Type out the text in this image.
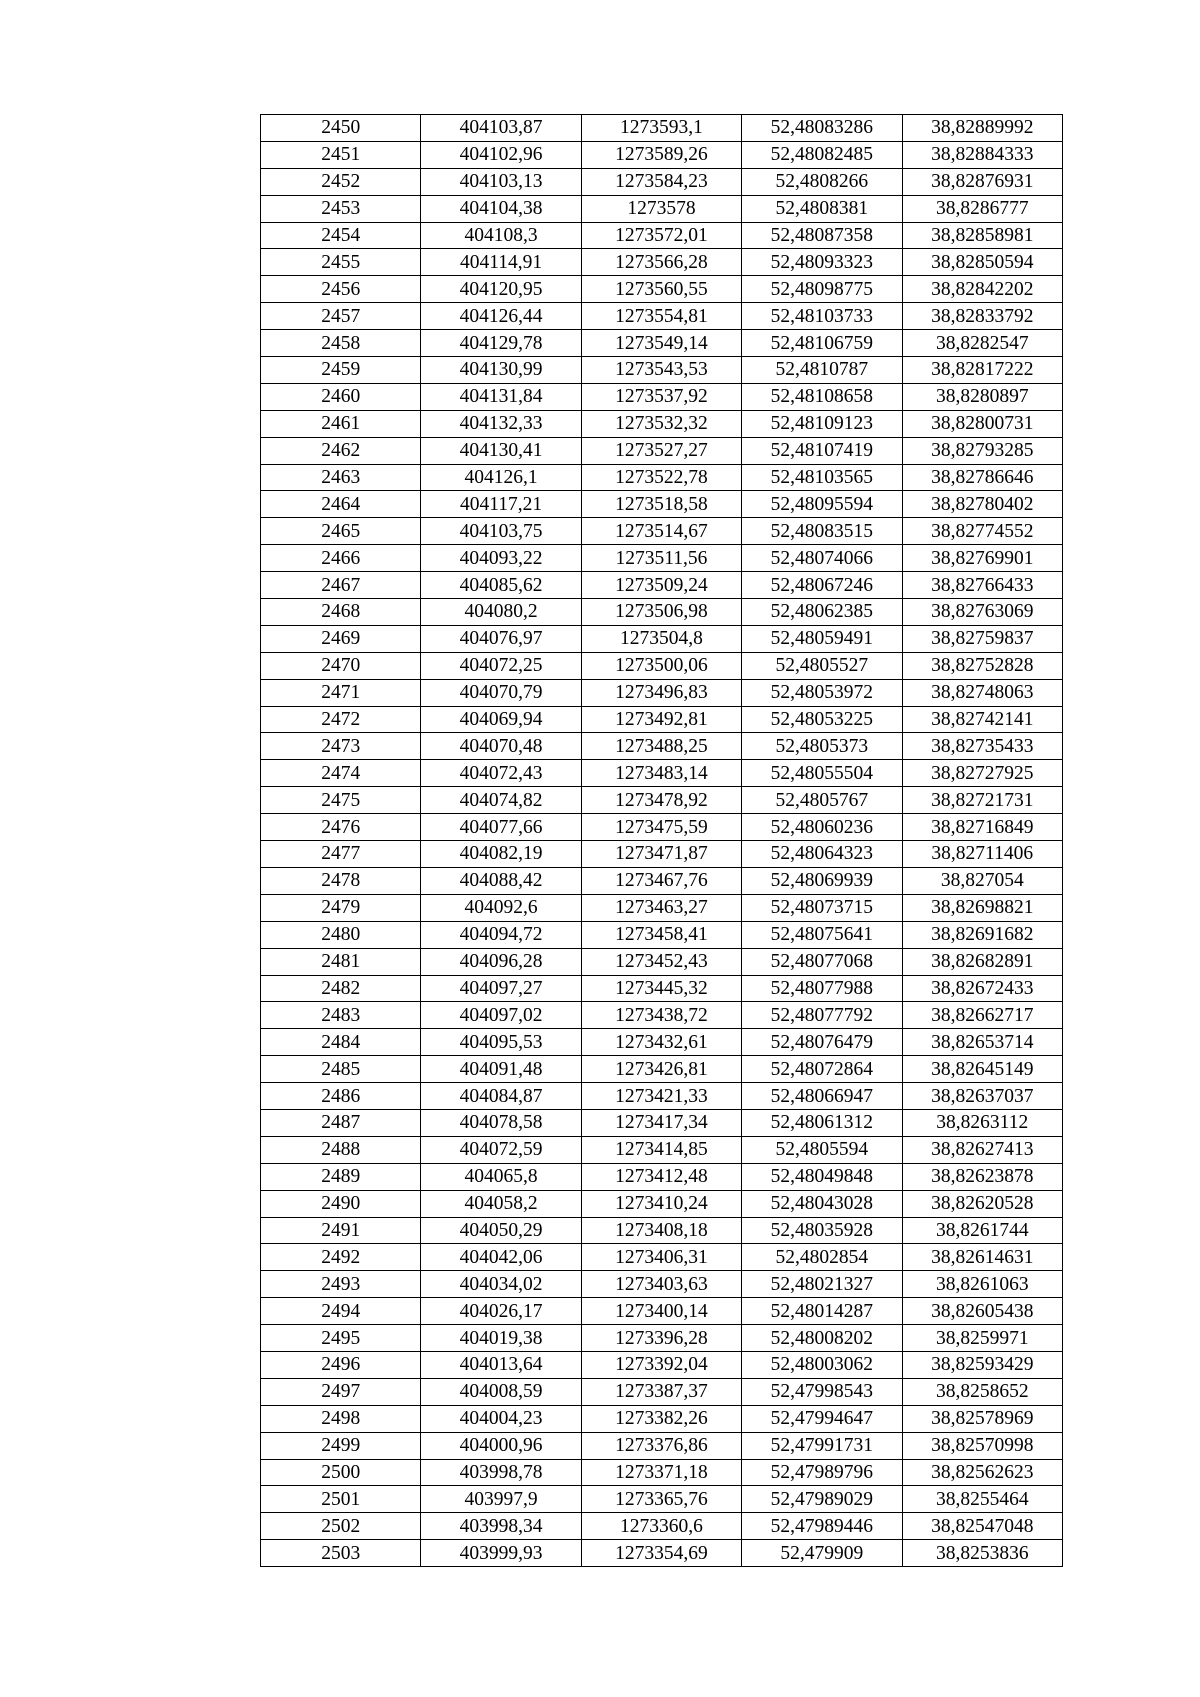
2450	404103,87	1273593,1	52,48083286	38,82889992
2451	404102,96	1273589,26	52,48082485	38,82884333
2452	404103,13	1273584,23	52,4808266	38,82876931
2453	404104,38	1273578	52,4808381	38,8286777
2454	404108,3	1273572,01	52,48087358	38,82858981
2455	404114,91	1273566,28	52,48093323	38,82850594
2456	404120,95	1273560,55	52,48098775	38,82842202
2457	404126,44	1273554,81	52,48103733	38,82833792
2458	404129,78	1273549,14	52,48106759	38,8282547
2459	404130,99	1273543,53	52,4810787	38,82817222
2460	404131,84	1273537,92	52,48108658	38,8280897
2461	404132,33	1273532,32	52,48109123	38,82800731
2462	404130,41	1273527,27	52,48107419	38,82793285
2463	404126,1	1273522,78	52,48103565	38,82786646
2464	404117,21	1273518,58	52,48095594	38,82780402
2465	404103,75	1273514,67	52,48083515	38,82774552
2466	404093,22	1273511,56	52,48074066	38,82769901
2467	404085,62	1273509,24	52,48067246	38,82766433
2468	404080,2	1273506,98	52,48062385	38,82763069
2469	404076,97	1273504,8	52,48059491	38,82759837
2470	404072,25	1273500,06	52,4805527	38,82752828
2471	404070,79	1273496,83	52,48053972	38,82748063
2472	404069,94	1273492,81	52,48053225	38,82742141
2473	404070,48	1273488,25	52,4805373	38,82735433
2474	404072,43	1273483,14	52,48055504	38,82727925
2475	404074,82	1273478,92	52,4805767	38,82721731
2476	404077,66	1273475,59	52,48060236	38,82716849
2477	404082,19	1273471,87	52,48064323	38,82711406
2478	404088,42	1273467,76	52,48069939	38,827054
2479	404092,6	1273463,27	52,48073715	38,82698821
2480	404094,72	1273458,41	52,48075641	38,82691682
2481	404096,28	1273452,43	52,48077068	38,82682891
2482	404097,27	1273445,32	52,48077988	38,82672433
2483	404097,02	1273438,72	52,48077792	38,82662717
2484	404095,53	1273432,61	52,48076479	38,82653714
2485	404091,48	1273426,81	52,48072864	38,82645149
2486	404084,87	1273421,33	52,48066947	38,82637037
2487	404078,58	1273417,34	52,48061312	38,8263112
2488	404072,59	1273414,85	52,4805594	38,82627413
2489	404065,8	1273412,48	52,48049848	38,82623878
2490	404058,2	1273410,24	52,48043028	38,82620528
2491	404050,29	1273408,18	52,48035928	38,8261744
2492	404042,06	1273406,31	52,4802854	38,82614631
2493	404034,02	1273403,63	52,48021327	38,8261063
2494	404026,17	1273400,14	52,48014287	38,82605438
2495	404019,38	1273396,28	52,48008202	38,8259971
2496	404013,64	1273392,04	52,48003062	38,82593429
2497	404008,59	1273387,37	52,47998543	38,8258652
2498	404004,23	1273382,26	52,47994647	38,82578969
2499	404000,96	1273376,86	52,47991731	38,82570998
2500	403998,78	1273371,18	52,47989796	38,82562623
2501	403997,9	1273365,76	52,47989029	38,8255464
2502	403998,34	1273360,6	52,47989446	38,82547048
2503	403999,93	1273354,69	52,479909	38,8253836
